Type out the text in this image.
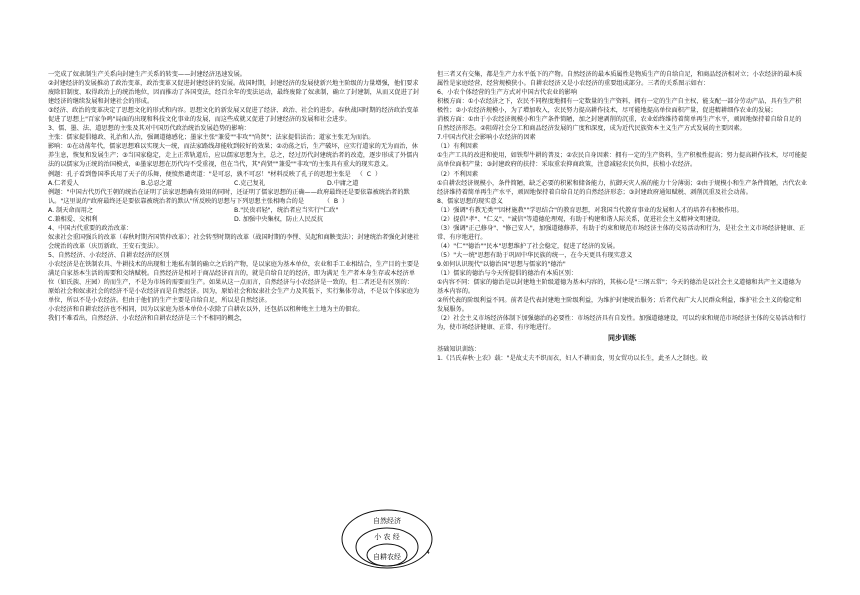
一完成了奴隶制生产关系向封建生产关系的转变——封建经济迅速发展。

②封建经济的发展推动了政治变革，政治变革又促进封建经济的发展。战国时期，封建经济的发展使新兴地主阶级的力量增强，他们要求废除旧制度、取得政治上的统治地位，因而推动了各国变法，经百余年的变法运动，最终废除了奴隶制，确立了封建制，从而又促进了封建经济的继续发展和封建社会的形成。

③经济、政治的变革决定了思想文化的形式和内容。思想文化的新发展又促进了经济、政治、社会的进步。春秋战国时期的经济政治变革促进了思想上"百家争鸣"局面的出现和科技文化事业的发展，而这些成就又促进了封建经济的发展和社会进步。

3、儒、墨、法、道思想的主张及其对中国历代政治统治发展趋势的影响：

主张：儒家提倡德政、礼治和人治，强调道德感化；墨家主张"兼爱""非攻""尚贤"；法家提倡法治；道家主张无为而治。

影响：①在动荡年代，儒家思想难以实现大一统，而法家路线却能收到较好的效果；②动荡之后，生产破坏，应实行道家的无为而治，休养生息，恢复和发展生产；③当国家稳定，走上正常轨道后，应以儒家思想为主，总之，经过历代封建统治者的改造，逐步形成了外儒内法的以儒家为正统的治国模式，④墨家思想在历代均不受重视，但在当代，其"尚贤""兼爱""非攻"的主张具有重大的现实意义。

例题：孔子看到鲁国季氏用了天子的乐舞，便愤然谴责道："是可忍，孰不可忍！"材料反映了孔子的思想主张是   （  C  ）

A.仁者爱人	B.总忍之道	C.克己复礼	D.中庸之道

例题："中国古代历代王朝的统治在证明了法家思想确有效用的同时，还证明了儒家思想的正确——政府最终还是要依靠被统治者的默认。"这里说的"政府最终还是要依靠被统治者的默认"所反映的思想与下列思想主张相吻合的是          （  B  ）

A. 制天命而用之	B."民贵君轻"，统治者应当实行"仁政"
C.兼相爱、交相利	D. 加强中央集权，防止人民反抗

4、中国古代重要的政治改革：

奴隶社会重国强兵的改革（春秋时期齐国管仲改革）；社会转型时期的改革（战国时期的李悝、吴起和商鞅变法）；封建统治者强化封建社会统治的改革（庆历新政、王安石变法）。

5、自然经济、小农经济、自耕农经济的区别

小农经济是在铁制农具、牛耕技术的出现和土地私有制的确立之后的产物，是以家庭为基本单位，农业和手工业相结合，生产目的主要是满足自家基本生活的需要和交纳赋税。自然经济是相对于商品经济而言的，就是自给自足的经济，即为满足 生产者本身生存或本经济单位（如氏族、庄园）的而生产，不是为市场的需要而生产。如果从这一点而言，自然经济与小农经济是一致的，但二者还是有区别的：

原始社会和奴隶社会的经济不是小农经济而是自然经济。因为，原始社会和奴隶社会生产力及其低下，实行集体劳动，不是以个体家庭为单位，所以不是小农经济。但由于他们的生产主要是自给自足，所以是自然经济。

小农经济和自耕农经济也不相同，因为以家庭为基本单位小农除了自耕农以外，还包括以租种地主土地为主的佃农。

我们不难看出，自然经济、小农经济和自耕农经济是三个不相同的概念，

但三者又有交集，都是生产力水平低下的产物。自然经济的最本质属性是物质生产的自给自足，和商品经济相对立；小农经济的最本质属性是家庭经营，经营规模狭小。自耕农经济又是小农经济的重要组成部分。三者的关系图示如右：

6、小农个体经营的生产方式对中国古代农业的影响

积极方面：①小农经济之下，农民不同程度地拥有一定数量的生产资料，拥有一定的生产自主权，能支配一部分劳动产品，具有生产积极性；②小农经济规模小，为了增加收入，农民努力提高耕作技术，尽可能地提高单位面积产量，促进精耕细作农业的发展；

消极方面：①由于小农经济规模小和生产条件简陋，加之封建剥削的沉重，农业始终维持着简单再生产水平，顽固地保持着自给自足的自然经济形态。②阻碍社会分工和商品经济发展的广度和深度，成为近代民族资本主义生产方式发展的主要因素。

7.中国古代社会影响小农经济的因素

（1）有利因素

①生产工具的改进和使用，如铁犁牛耕的普及；②农民自身因素：拥有一定的生产资料，生产积极性提高；努力提高耕作技术，尽可能提高单位面积产量；③封建政府的扶持：采取重农抑商政策，注意减轻农民负担，扶植小农经济。

（2）不利因素

①自耕农经济规模小，条件简陋，缺乏必要的积累和储备能力，抗御天灾人祸的能力十分薄弱；②由于规模小和生产条件简陋，古代农业经济维持着简单再生产水平，顽固地保持着自给自足的自然经济形态；③封建政府通知赋税、剥削沉重及社会动荡。

8、儒家思想的现实意义

（1）强调"有教无类""因材施教""学思结合"的教育思想，对我国当代教育事业的发展和人才的培养有积极作用。

（2）提倡"孝"、"仁义"、"诚信"等道德伦理观，有助于构建和谐人际关系，促进社会主义精神文明建设。

（3）强调"正己修身"、"修己安人"，加强道德修养，有助于约束和规范市场经济主体的交易活动和行为，是社会主义市场经济健康、正常、有序地进行。

（4）"仁""德治""民本"思想维护了社会稳定，促进了经济的发展。

（5）"大一统"思想有助于巩固中华民族的统一，在今天更具有现实意义

9.如何认识现代"以德治国"思想与儒家的"德治"

（1）儒家的德治与今天所提倡的德治有本质区别：

①内容不同：儒家的德治是以封建地主阶级道德为基本内容的，其核心是"三纲五常"；今天的德治是以社会主义道德和共产主义道德为基本内容的。

②所代表的阶级利益不同。前者是代表封建地主阶级利益，为维护封建统治服务；后者代表广大人民群众利益，维护社会主义的稳定和发展服务。

（2）社会主义市场经济体制下加强德治的必要性：市场经济具有自发性。加强道德建设，可以约束和规范市场经济主体的交易活动和行为，使市场经济健康、正常、有序地进行。

同步训练

基础知识训练：

1.《吕氏春秋·上农》载："是故丈夫不织而衣，妇人不耕而食，男女贸功以长生，此圣人之制也。故

自然经济
小 农 经
自耕农经
4
